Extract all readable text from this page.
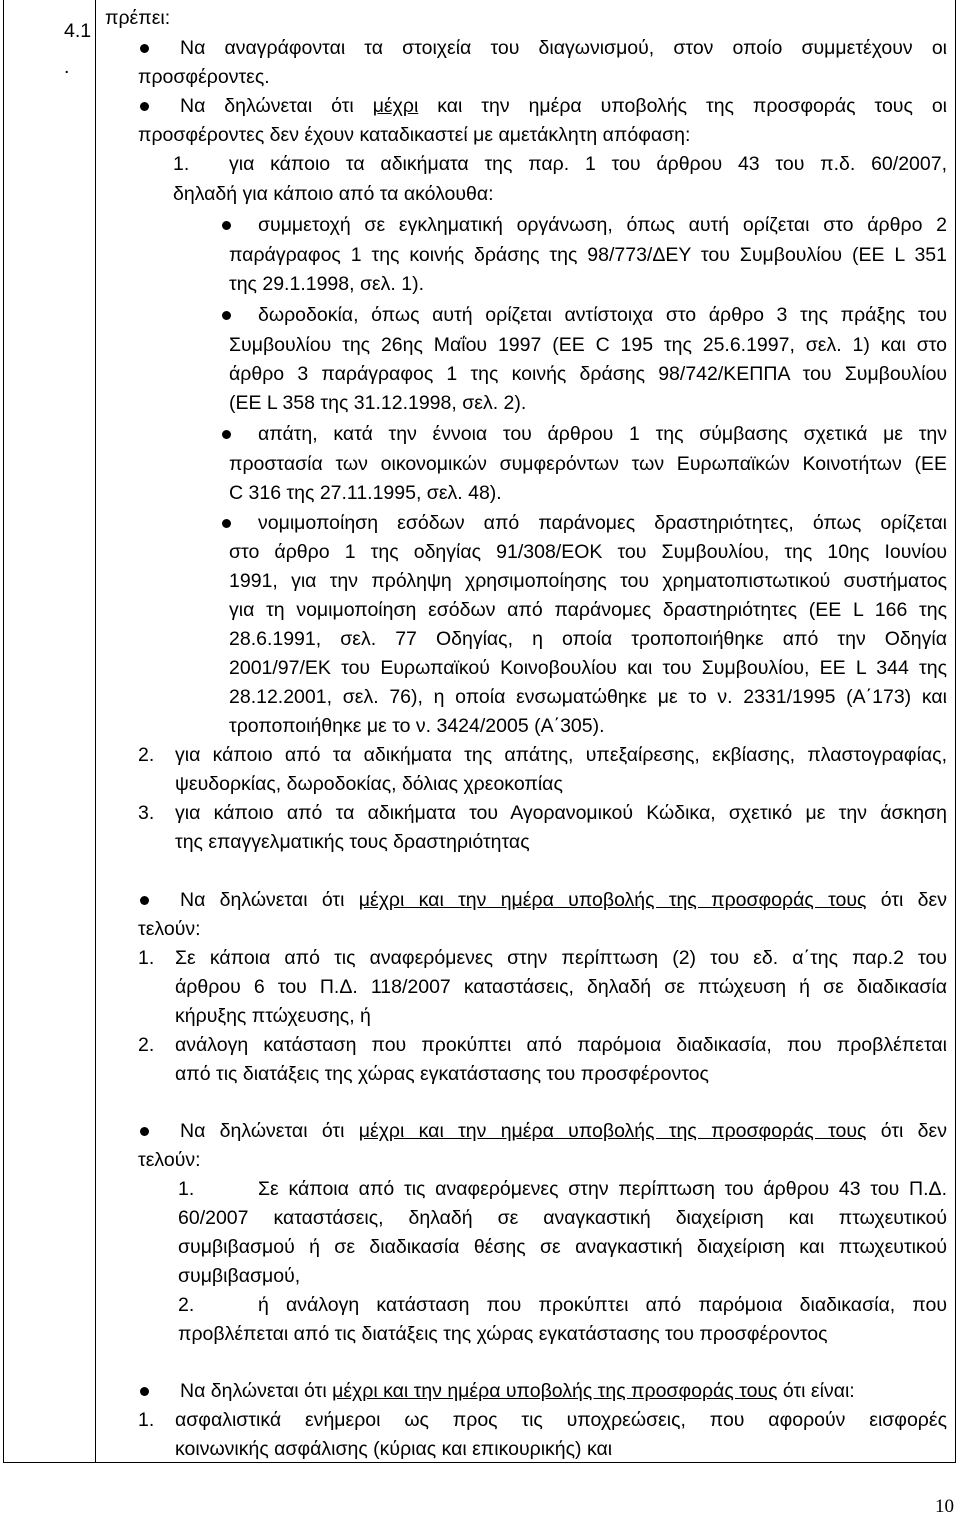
4.1
.
πρέπει:
Να αναγράφονται τα στοιχεία του διαγωνισμού, στον οποίο συμμετέχουν οι
προσφέροντες.
Να δηλώνεται ότι μέχρι και την ημέρα υποβολής της προσφοράς τους οι
προσφέροντες δεν έχουν καταδικαστεί με αμετάκλητη απόφαση:
1. για κάποιο τα αδικήματα της παρ. 1 του άρθρου 43 του π.δ. 60/2007,
δηλαδή για κάποιο από τα ακόλουθα:
συμμετοχή σε εγκληματική οργάνωση, όπως αυτή ορίζεται στο άρθρο 2
παράγραφος 1 της κοινής δράσης της 98/773/ΔΕΥ του Συμβουλίου (ΕΕ L 351
της 29.1.1998, σελ. 1).
δωροδοκία, όπως αυτή ορίζεται αντίστοιχα στο άρθρο 3 της πράξης του
Συμβουλίου της 26ης Μαΐου 1997 (ΕΕ C 195 της 25.6.1997, σελ. 1) και στο
άρθρο 3 παράγραφος 1 της κοινής δράσης 98/742/ΚΕΠΠΑ του Συμβουλίου
(ΕΕ L 358 της 31.12.1998, σελ. 2).
απάτη, κατά την έννοια του άρθρου 1 της σύμβασης σχετικά με την
προστασία των οικονομικών συμφερόντων των Ευρωπαϊκών Κοινοτήτων (ΕΕ
C 316 της 27.11.1995, σελ. 48).
νομιμοποίηση εσόδων από παράνομες δραστηριότητες, όπως ορίζεται
στο άρθρο 1 της οδηγίας 91/308/ΕΟΚ του Συμβουλίου, της 10ης Ιουνίου
1991, για την πρόληψη χρησιμοποίησης του χρηματοπιστωτικού συστήματος
για τη νομιμοποίηση εσόδων από παράνομες δραστηριότητες (ΕΕ L 166 της
28.6.1991, σελ. 77 Οδηγίας, η οποία τροποποιήθηκε από την Οδηγία
2001/97/ΕΚ του Ευρωπαϊκού Κοινοβουλίου και του Συμβουλίου, ΕΕ L 344 της
28.12.2001, σελ. 76), η οποία ενσωματώθηκε με το ν. 2331/1995 (Α΄173) και
τροποποιήθηκε με το ν. 3424/2005 (Α΄305).
2. για κάποιο από τα αδικήματα της απάτης, υπεξαίρεσης, εκβίασης, πλαστογραφίας,
ψευδορκίας, δωροδοκίας, δόλιας χρεοκοπίας
3. για κάποιο από τα αδικήματα του Αγορανομικού Κώδικα, σχετικό με την άσκηση
της επαγγελματικής τους δραστηριότητας
Να δηλώνεται ότι μέχρι και την ημέρα υποβολής της προσφοράς τους ότι δεν
τελούν:
1. Σε κάποια από τις αναφερόμενες στην περίπτωση (2) του εδ. α΄της παρ.2 του
άρθρου 6 του Π.Δ. 118/2007 καταστάσεις, δηλαδή σε πτώχευση ή σε διαδικασία
κήρυξης πτώχευσης, ή
2. ανάλογη κατάσταση που προκύπτει από παρόμοια διαδικασία, που προβλέπεται
από τις διατάξεις της χώρας εγκατάστασης του προσφέροντος
Να δηλώνεται ότι μέχρι και την ημέρα υποβολής της προσφοράς τους ότι δεν
τελούν:
1.	Σε κάποια από τις αναφερόμενες στην περίπτωση του άρθρου 43 του Π.Δ.
60/2007 καταστάσεις, δηλαδή σε αναγκαστική διαχείριση και πτωχευτικού
συμβιβασμού ή σε διαδικασία θέσης σε αναγκαστική διαχείριση και πτωχευτικού
συμβιβασμού,
2.	ή ανάλογη κατάσταση που προκύπτει από παρόμοια διαδικασία, που
προβλέπεται από τις διατάξεις της χώρας εγκατάστασης του προσφέροντος
Να δηλώνεται ότι μέχρι και την ημέρα υποβολής της προσφοράς τους ότι είναι:
1. ασφαλιστικά ενήμεροι ως προς τις υποχρεώσεις, που αφορούν εισφορές
κοινωνικής ασφάλισης (κύριας και επικουρικής) και
10
